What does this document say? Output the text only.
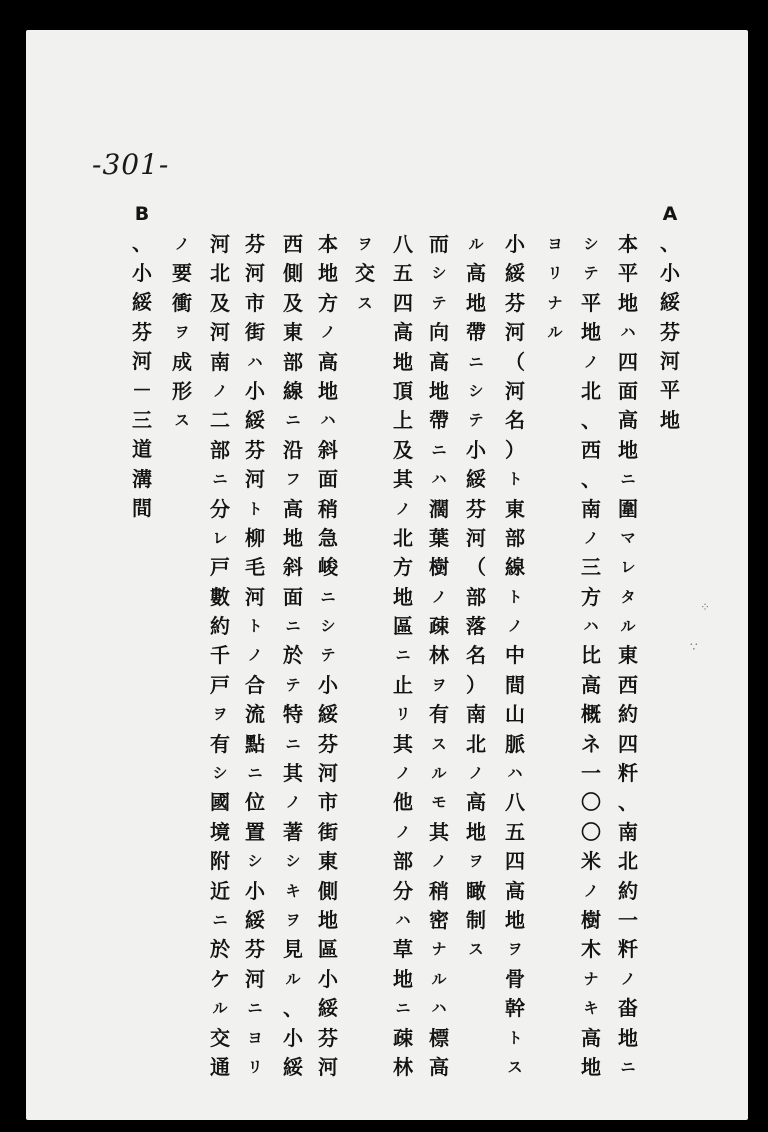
-301-
A
、
小
綏
芬
河
平
地
本
平
地
ハ
四
面
高
地
ニ
圍
マ
レ
タ
ル
東
西
約
四
粁
、
南
北
約
一
粁
ノ
畓
地
ニ
シ
テ
平
地
ノ
北
、
西
、
南
ノ
三
方
ハ
比
高
概
ネ
一
〇
〇
米
ノ
樹
木
ナ
キ
高
地
ヨ
リ
ナ
ル
小
綏
芬
河
（
河
名
）
ト
東
部
線
ト
ノ
中
間
山
脈
ハ
八
五
四
高
地
ヲ
骨
幹
ト
ス
ル
高
地
帶
ニ
シ
テ
小
綏
芬
河
（
部
落
名
）
南
北
ノ
高
地
ヲ
瞰
制
ス
而
シ
テ
向
高
地
帶
ニ
ハ
濶
葉
樹
ノ
疎
林
ヲ
有
ス
ル
モ
其
ノ
稍
密
ナ
ル
ハ
標
高
八
五
四
高
地
頂
上
及
其
ノ
北
方
地
區
ニ
止
リ
其
ノ
他
ノ
部
分
ハ
草
地
ニ
疎
林
ヲ
交
ス
本
地
方
ノ
高
地
ハ
斜
面
稍
急
峻
ニ
シ
テ
小
綏
芬
河
市
街
東
側
地
區
小
綏
芬
河
西
側
及
東
部
線
ニ
沿
フ
高
地
斜
面
ニ
於
テ
特
ニ
其
ノ
著
シ
キ
ヲ
見
ル
、
小
綏
芬
河
市
街
ハ
小
綏
芬
河
ト
柳
毛
河
ト
ノ
合
流
點
ニ
位
置
シ
小
綏
芬
河
ニ
ヨ
リ
河
北
及
河
南
ノ
二
部
ニ
分
レ
戸
數
約
千
戸
ヲ
有
シ
國
境
附
近
ニ
於
ケ
ル
交
通
ノ
要
衝
ヲ
成
形
ス
B
、
小
綏
芬
河
－
三
道
溝
間
⁘
∵
